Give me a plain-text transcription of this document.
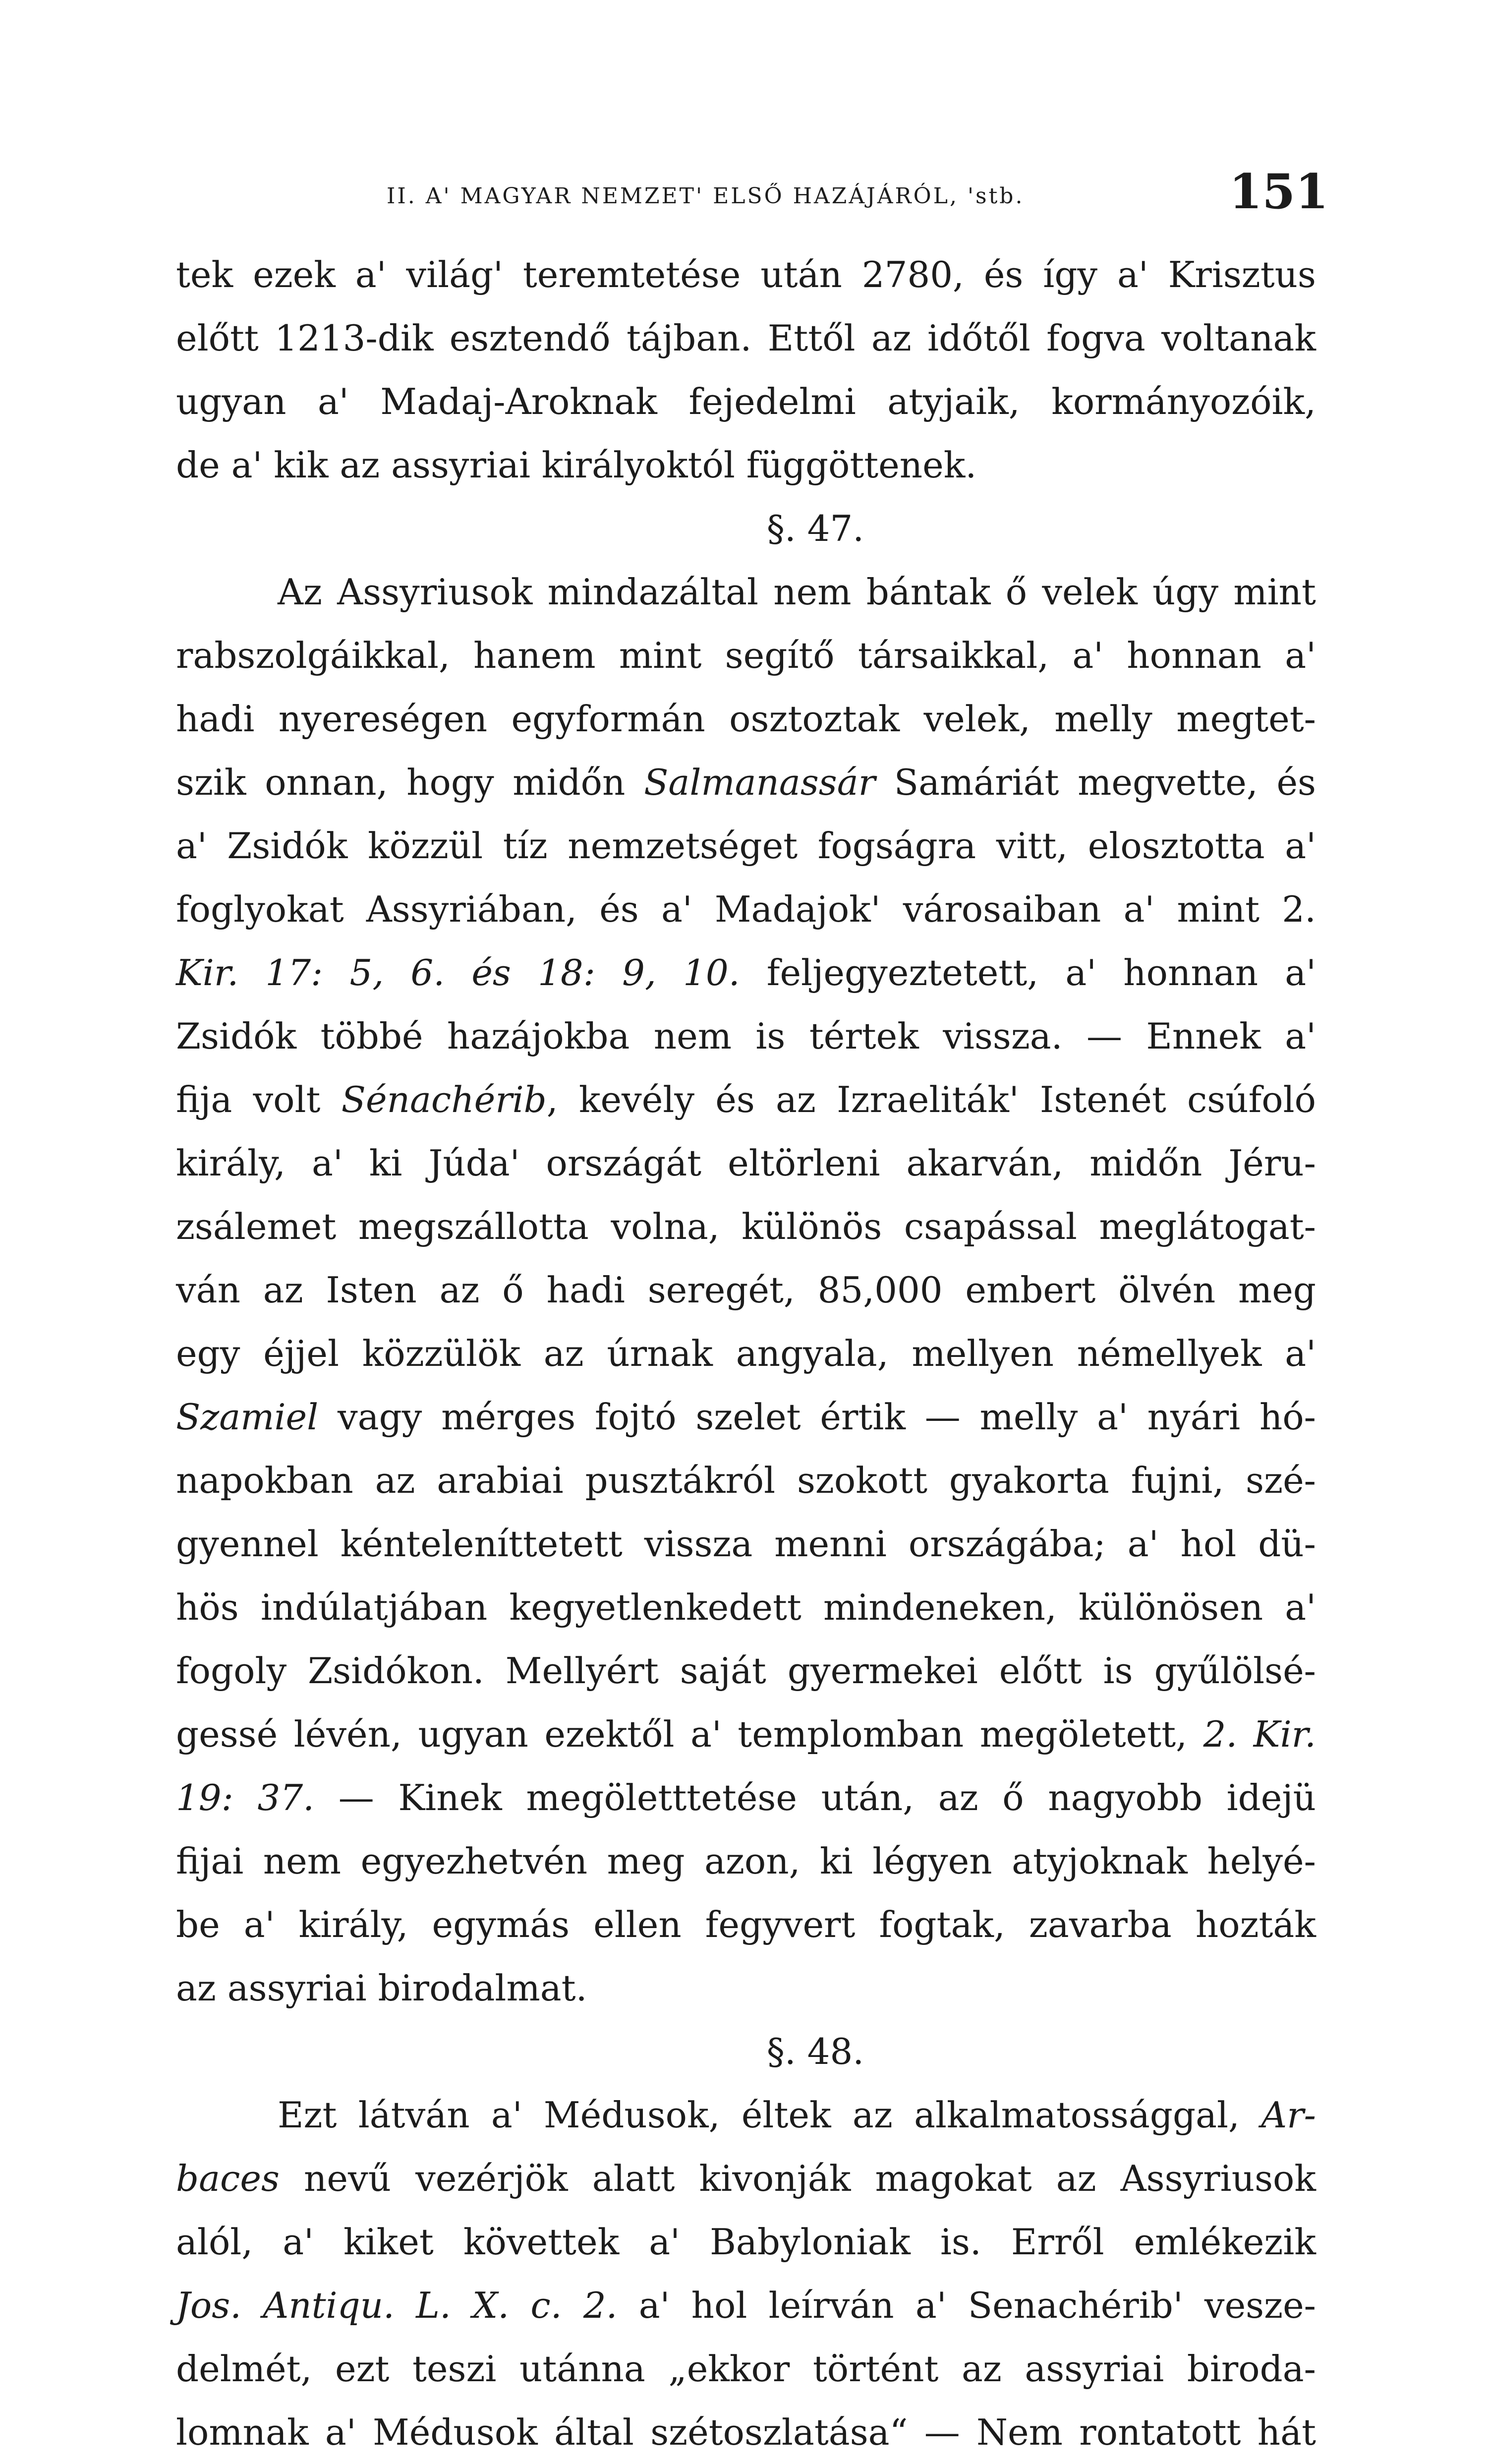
II. A' MAGYAR NEMZET' ELSŐ HAZÁJÁRÓL, 'stb.	151
tek ezek a' világ' teremtetése után 2780, és így a' Krisztus
előtt 1213-dik esztendő tájban. Ettől az időtől fogva voltanak
ugyan a' Madaj-Aroknak fejedelmi atyjaik, kormányozóik,
de a' kik az assyriai királyoktól függöttenek.
§. 47.
Az Assyriusok mindazáltal nem bántak ő velek úgy mint
rabszolgáikkal, hanem mint segítő társaikkal, a' honnan a'
hadi nyereségen egyformán osztoztak velek, melly megtet-
szik onnan, hogy midőn Salmanassár Samáriát megvette, és
a' Zsidók közzül tíz nemzetséget fogságra vitt, elosztotta a'
foglyokat Assyriában, és a' Madajok' városaiban a' mint 2.
Kir. 17: 5, 6. és 18: 9, 10. feljegyeztetett, a' honnan a'
Zsidók többé hazájokba nem is tértek vissza. — Ennek a'
fija volt Sénachérib, kevély és az Izraeliták' Istenét csúfoló
király, a' ki Júda' országát eltörleni akarván, midőn Jéru-
zsálemet megszállotta volna, különös csapással meglátogat-
ván az Isten az ő hadi seregét, 85,000 embert ölvén meg
egy éjjel közzülök az úrnak angyala, mellyen némellyek a'
Szamiel vagy mérges fojtó szelet értik — melly a' nyári hó-
napokban az arabiai pusztákról szokott gyakorta fujni, szé-
gyennel kénteleníttetett vissza menni országába; a' hol dü-
hös indúlatjában kegyetlenkedett mindeneken, különösen a'
fogoly Zsidókon. Mellyért saját gyermekei előtt is gyűlölsé-
gessé lévén, ugyan ezektől a' templomban megöletett, 2. Kir.
19: 37. — Kinek megöletttetése után, az ő nagyobb idejü
fijai nem egyezhetvén meg azon, ki légyen atyjoknak helyé-
be a' király, egymás ellen fegyvert fogtak, zavarba hozták
az assyriai birodalmat.
§. 48.
Ezt látván a' Médusok, éltek az alkalmatossággal, Ar-
baces nevű vezérjök alatt kivonják magokat az Assyriusok
alól, a' kiket követtek a' Babyloniak is. Erről emlékezik
Jos. Antiqu. L. X. c. 2. a' hol leírván a' Senachérib' vesze-
delmét, ezt teszi utánna „ekkor történt az assyriai biroda-
lomnak a' Médusok által szétoszlatása“ — Nem rontatott hát
